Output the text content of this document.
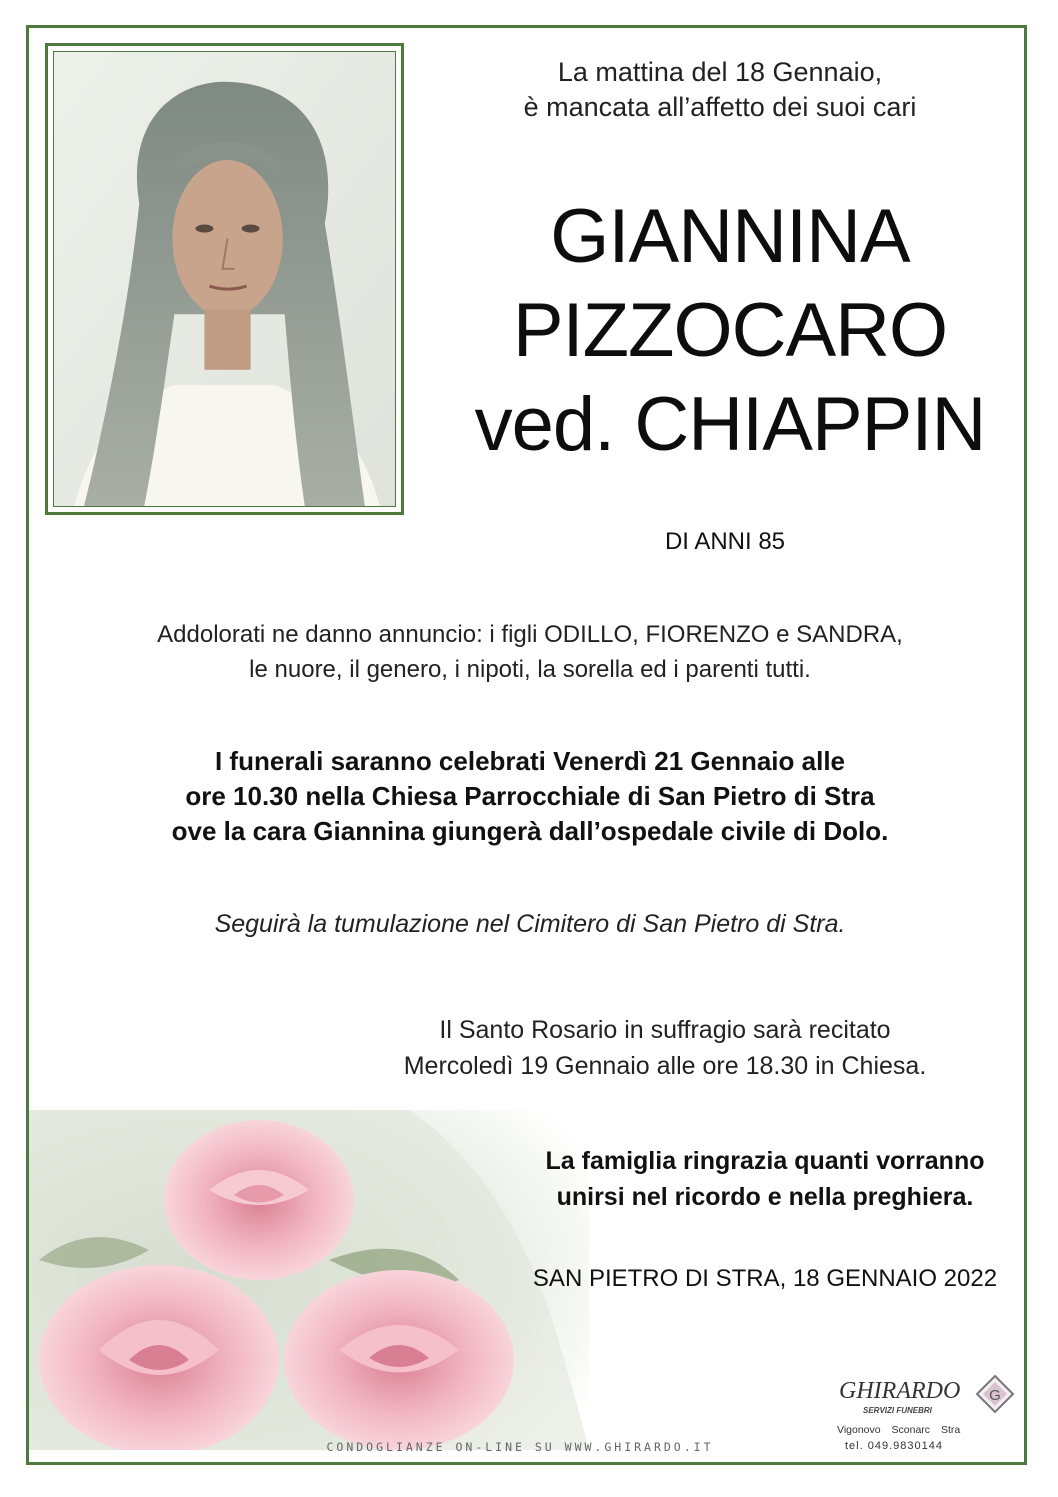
La mattina del 18 Gennaio,
è mancata all’affetto dei suoi cari
GIANNINA
PIZZOCARO
ved. CHIAPPIN
DI ANNI 85
Addolorati ne danno annuncio: i figli ODILLO, FIORENZO e SANDRA,
le nuore, il genero, i nipoti, la sorella ed i parenti tutti.
I funerali saranno celebrati Venerdì 21 Gennaio alle
ore 10.30 nella Chiesa Parrocchiale di San Pietro di Stra
ove la cara Giannina giungerà dall’ospedale civile di Dolo.
Seguirà la tumulazione nel Cimitero di San Pietro di Stra.
Il Santo Rosario in suffragio sarà recitato
Mercoledì 19 Gennaio alle ore 18.30 in Chiesa.
La famiglia ringrazia quanti vorranno
unirsi nel ricordo e nella preghiera.
SAN PIETRO DI STRA, 18 GENNAIO 2022
CONDOGLIANZE ON-LINE SU WWW.GHIRARDO.IT
GHIRARDO
SERVIZI FUNEBRI
G
Vigonovo Sconarc Stra
tel. 049.9830144
